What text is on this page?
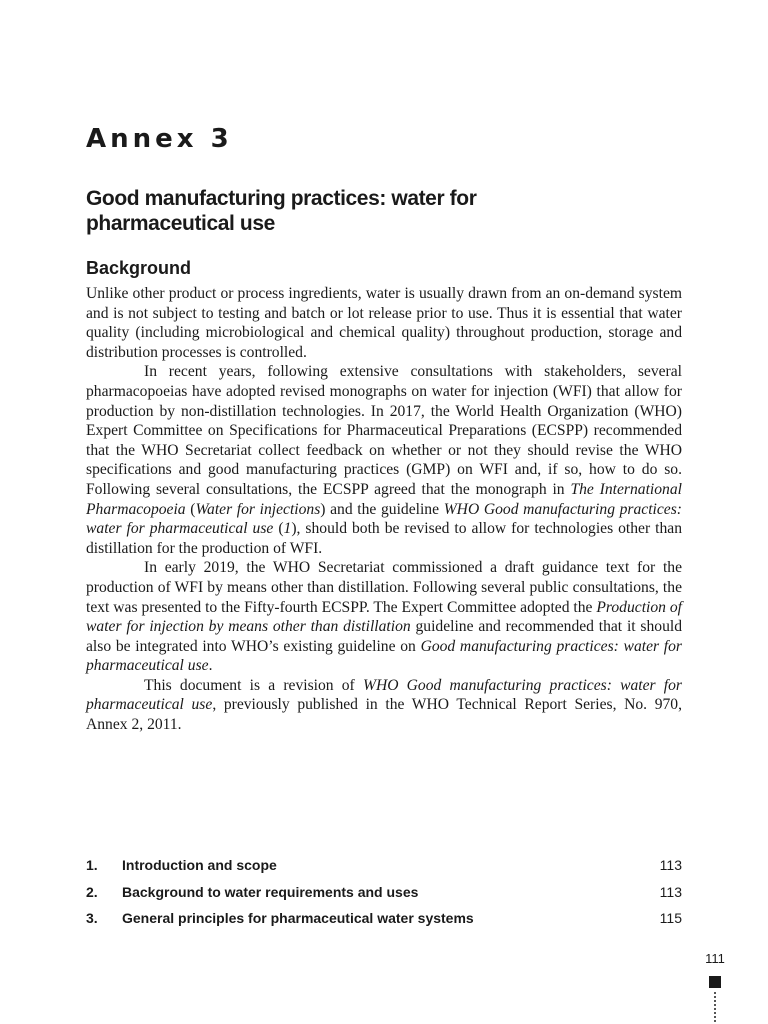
Annex 3
Good manufacturing practices: water for
pharmaceutical use
Background

Unlike other product or process ingredients, water is usually drawn from an on-demand system and is not subject to testing and batch or lot release prior to use. Thus it is essential that water quality (including microbiological and chemical quality) throughout production, storage and distribution processes is controlled.

In recent years, following extensive consultations with stakeholders, several pharmacopoeias have adopted revised monographs on water for injection (WFI) that allow for production by non-distillation technologies. In 2017, the World Health Organization (WHO) Expert Committee on Specifications for Pharmaceutical Preparations (ECSPP) recommended that the WHO Secretariat collect feedback on whether or not they should revise the WHO specifications and good manufacturing practices (GMP) on WFI and, if so, how to do so. Following several consultations, the ECSPP agreed that the monograph in The International Pharmacopoeia (Water for injections) and the guideline WHO Good manufacturing practices: water for pharmaceutical use (1), should both be revised to allow for technologies other than distillation for the production of WFI.

In early 2019, the WHO Secretariat commissioned a draft guidance text for the production of WFI by means other than distillation. Following several public consultations, the text was presented to the Fifty-fourth ECSPP. The Expert Committee adopted the Production of water for injection by means other than distillation guideline and recommended that it should also be integrated into WHO’s existing guideline on Good manufacturing practices: water for pharmaceutical use.

This document is a revision of WHO Good manufacturing practices: water for pharmaceutical use, previously published in the WHO Technical Report Series, No. 970, Annex 2, 2011.

1.	Introduction and scope	113
2.	Background to water requirements and uses	113
3.	General principles for pharmaceutical water systems	115
111
